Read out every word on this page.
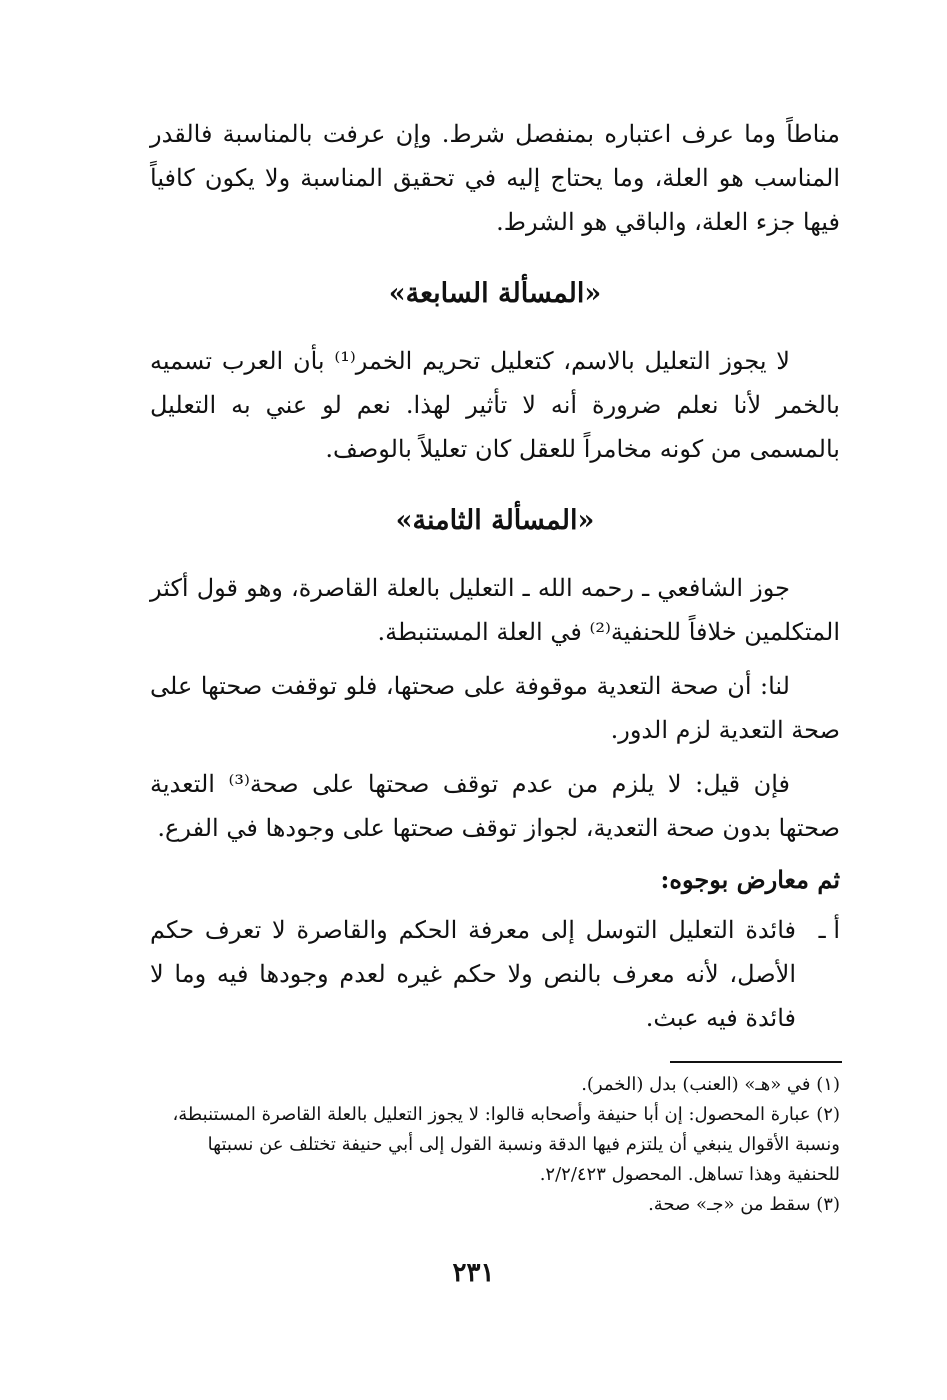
مناطاً وما عرف اعتباره بمنفصل شرط. وإن عرفت بالمناسبة فالقدر المناسب هو العلة، وما يحتاج إليه في تحقيق المناسبة ولا يكون كافياً فيها جزء العلة، والباقي هو الشرط.

«المسألة السابعة»

لا يجوز التعليل بالاسم، كتعليل تحريم الخمر⁽¹⁾ بأن العرب تسميه بالخمر لأنا نعلم ضرورة أنه لا تأثير لهذا. نعم لو عني به التعليل بالمسمى من كونه مخامراً للعقل كان تعليلاً بالوصف.

«المسألة الثامنة»

جوز الشافعي ـ رحمه الله ـ التعليل بالعلة القاصرة، وهو قول أكثر المتكلمين خلافاً للحنفية⁽²⁾ في العلة المستنبطة.

لنا: أن صحة التعدية موقوفة على صحتها، فلو توقفت صحتها على صحة التعدية لزم الدور.

فإن قيل: لا يلزم من عدم توقف صحتها على صحة⁽³⁾ التعدية صحتها بدون صحة التعدية، لجواز توقف صحتها على وجودها في الفرع.

ثم معارض بوجوه:

أ ـ
فائدة التعليل التوسل إلى معرفة الحكم والقاصرة لا تعرف حكم الأصل، لأنه معرف بالنص ولا حكم غيره لعدم وجودها فيه وما لا فائدة فيه عبث.

(١) في «هـ» (العنب) بدل (الخمر).

(٢) عبارة المحصول: إن أبا حنيفة وأصحابه قالوا: لا يجوز التعليل بالعلة القاصرة المستنبطة، ونسبة الأقوال ينبغي أن يلتزم فيها الدقة ونسبة القول إلى أبي حنيفة تختلف عن نسبتها للحنفية وهذا تساهل. المحصول ٢/٢/٤٢٣.

(٣) سقط من «جـ» صحة.

٢٣١
